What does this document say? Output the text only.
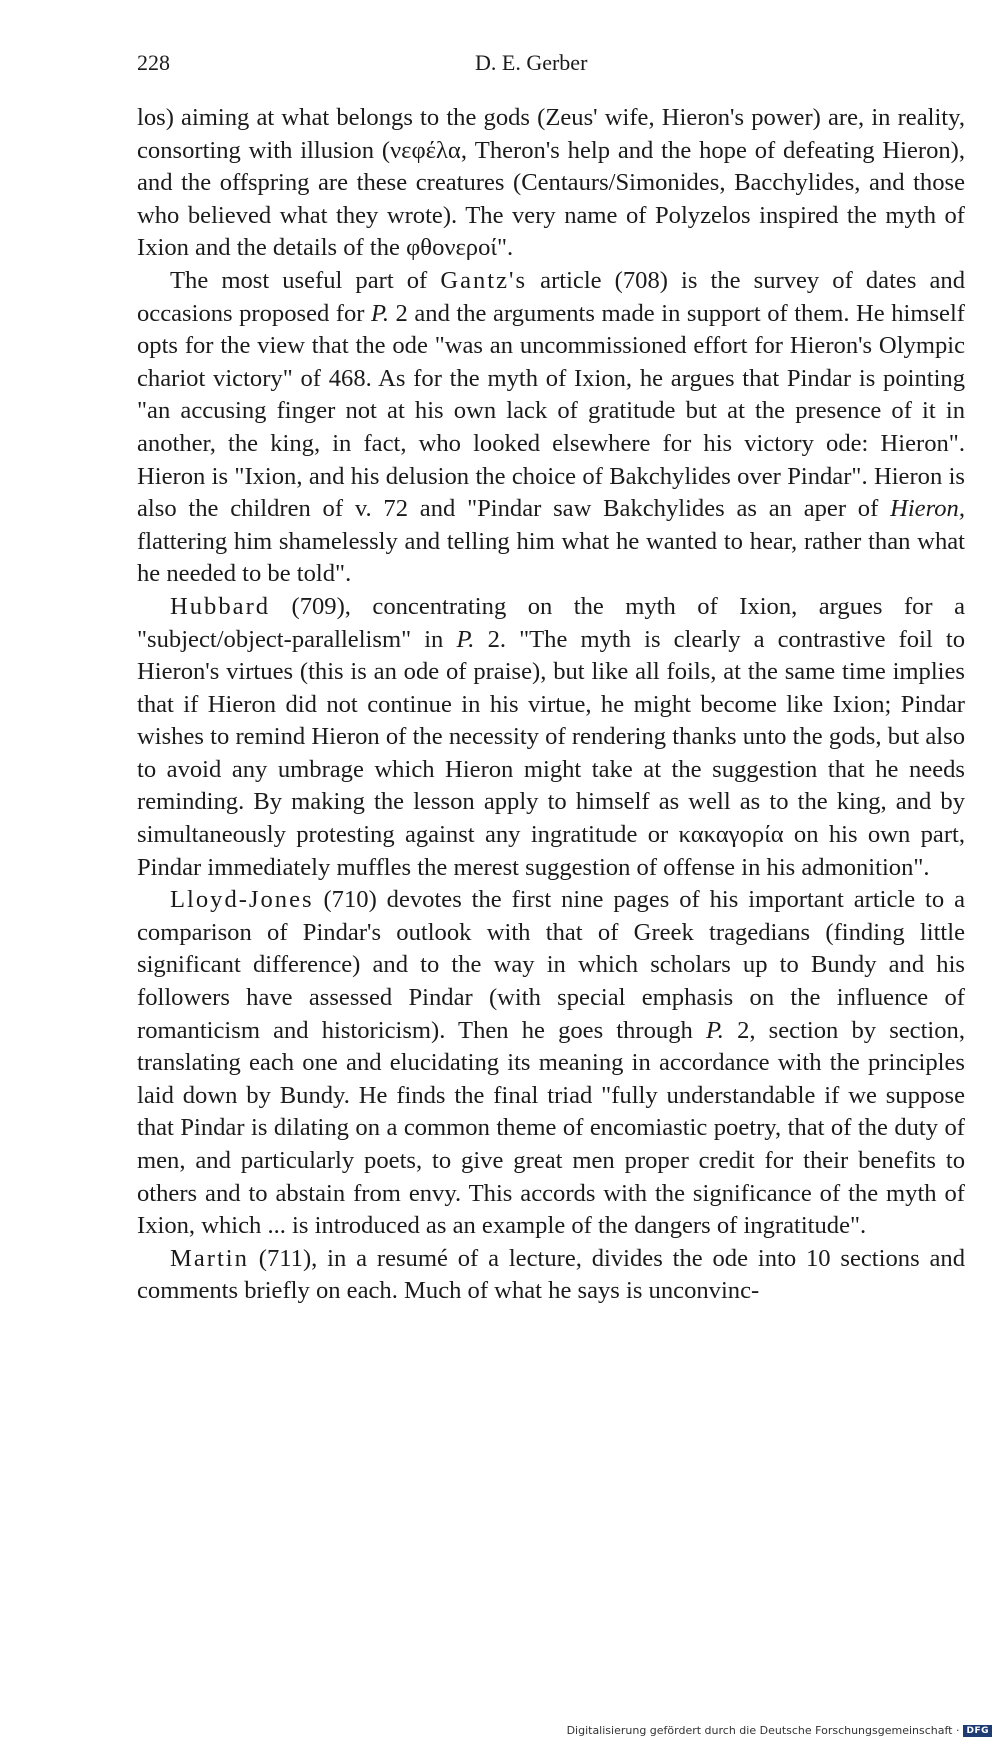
228	D. E. Gerber

los) aiming at what belongs to the gods (Zeus' wife, Hieron's power) are, in reality, consorting with illusion (νεφέλα, Theron's help and the hope of defeating Hieron), and the offspring are these creatures (Centaurs/Simonides, Bacchylides, and those who believed what they wrote). The very name of Polyzelos inspired the myth of Ixion and the details of the φθονεροί".

The most useful part of Gantz's article (708) is the survey of dates and occasions proposed for P. 2 and the arguments made in support of them. He himself opts for the view that the ode "was an uncommissioned effort for Hieron's Olympic chariot victory" of 468. As for the myth of Ixion, he argues that Pindar is pointing "an accusing finger not at his own lack of gratitude but at the presence of it in another, the king, in fact, who looked elsewhere for his victory ode: Hieron". Hieron is "Ixion, and his delusion the choice of Bakchylides over Pindar". Hieron is also the children of v. 72 and "Pindar saw Bakchylides as an aper of Hieron, flattering him shamelessly and telling him what he wanted to hear, rather than what he needed to be told".

Hubbard (709), concentrating on the myth of Ixion, argues for a "subject/object-parallelism" in P. 2. "The myth is clearly a contrastive foil to Hieron's virtues (this is an ode of praise), but like all foils, at the same time implies that if Hieron did not continue in his virtue, he might become like Ixion; Pindar wishes to remind Hieron of the necessity of rendering thanks unto the gods, but also to avoid any umbrage which Hieron might take at the suggestion that he needs reminding. By making the lesson apply to himself as well as to the king, and by simultaneously protesting against any ingratitude or κακαγορία on his own part, Pindar immediately muffles the merest suggestion of offense in his admonition".

Lloyd-Jones (710) devotes the first nine pages of his important article to a comparison of Pindar's outlook with that of Greek tragedians (finding little significant difference) and to the way in which scholars up to Bundy and his followers have assessed Pindar (with special emphasis on the influence of romanticism and historicism). Then he goes through P. 2, section by section, translating each one and elucidating its meaning in accordance with the principles laid down by Bundy. He finds the final triad "fully understandable if we suppose that Pindar is dilating on a common theme of encomiastic poetry, that of the duty of men, and particularly poets, to give great men proper credit for their benefits to others and to abstain from envy. This accords with the significance of the myth of Ixion, which ... is introduced as an example of the dangers of ingratitude".

Martin (711), in a resumé of a lecture, divides the ode into 10 sections and comments briefly on each. Much of what he says is unconvinc-

Digitalisierung gefördert durch die Deutsche Forschungsgemeinschaft · DFG
